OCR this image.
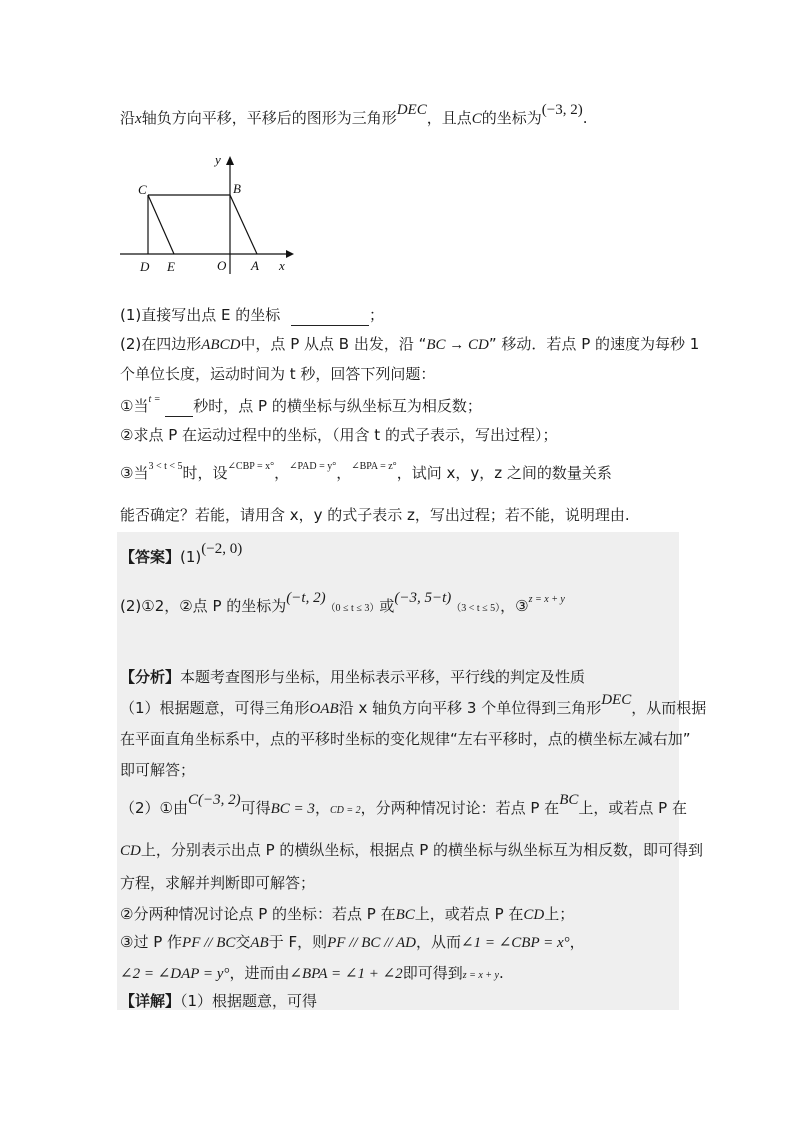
沿x轴负方向平移，平移后的图形为三角形DEC，且点C的坐标为(−3, 2).
y
C	B
D E	O A x
(1)直接写出点 E 的坐标	；
(2)在四边形ABCD中，点 P 从点 B 出发，沿 “BC → CD” 移动．若点 P 的速度为每秒 1
个单位长度，运动时间为 t 秒，回答下列问题：
①当$^{t =}$ 秒时，点 P 的横坐标与纵坐标互为相反数；
②求点 P 在运动过程中的坐标，（用含 t 的式子表示，写出过程）；
③当$^{3 < t < 5}$时，设$^{\angle CBP = x^\circ}$，$^{\angle PAD = y^\circ}$，$^{\angle BPA = z^\circ}$，试问 x，y，z 之间的数量关系
能否确定？若能，请用含 x，y 的式子表示 z，写出过程；若不能，说明理由.
【答案】(1)(−2, 0)
(2)①2，②点 P 的坐标为(−t, 2)（0 ≤ t ≤ 3）或(−3, 5−t)（3 < t ≤ 5），③$^{z = x + y}$
【分析】本题考查图形与坐标，用坐标表示平移，平行线的判定及性质
（1）根据题意，可得三角形OAB沿 x 轴负方向平移 3 个单位得到三角形DEC，从而根据
在平面直角坐标系中，点的平移时坐标的变化规律“左右平移时，点的横坐标左减右加”
即可解答；
（2）①由C(−3, 2)可得BC = 3，CD = 2，分两种情况讨论：若点 P 在BC上，或若点 P 在
CD上，分别表示出点 P 的横纵坐标，根据点 P 的横坐标与纵坐标互为相反数，即可得到
方程，求解并判断即可解答；
②分两种情况讨论点 P 的坐标：若点 P 在BC上，或若点 P 在CD上；
③过 P 作PF // BC交AB于 F，则PF // BC // AD，从而∠1 = ∠CBP = x°，
∠2 = ∠DAP = y°，进而由∠BPA = ∠1 + ∠2即可得到z = x + y.
【详解】（1）根据题意，可得
